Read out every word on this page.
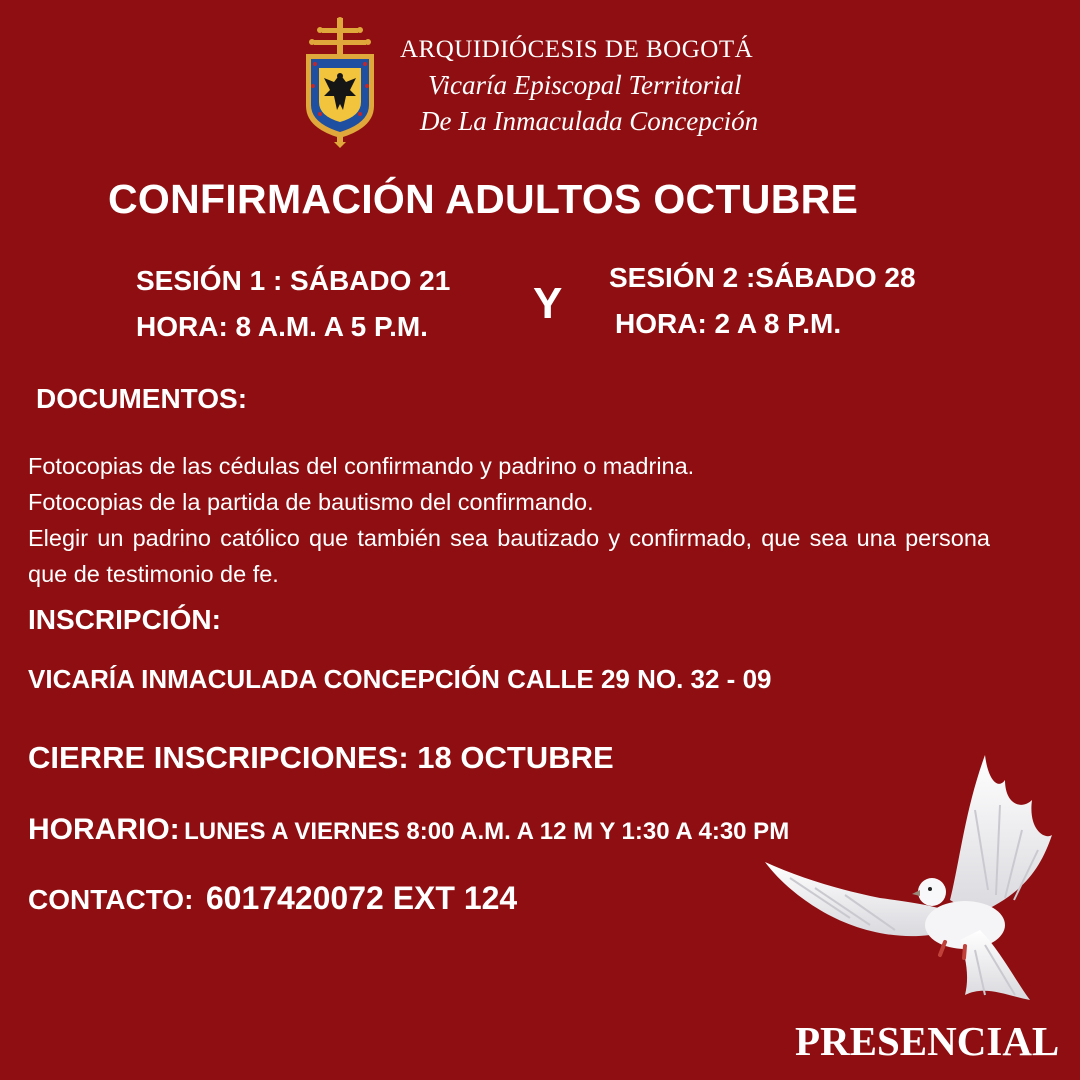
ARQUIDIÓCESIS DE BOGOTÁ
Vicaría Episcopal Territorial
De La Inmaculada Concepción
CONFIRMACIÓN ADULTOS OCTUBRE
SESIÓN 1 : SÁBADO 21
HORA: 8 A.M. A 5 P.M. Y
SESIÓN 2 :SÁBADO 28
HORA: 2 A 8 P.M.
DOCUMENTOS:

Fotocopias de las cédulas del confirmando y padrino o madrina.

Fotocopias de la partida de bautismo del confirmando.

Elegir un padrino católico que también sea bautizado y confirmado, que sea una persona que de testimonio de fe.

INSCRIPCIÓN:
VICARÍA INMACULADA CONCEPCIÓN CALLE 29 NO. 32 - 09
CIERRE INSCRIPCIONES: 18 OCTUBRE
HORARIO: LUNES A VIERNES 8:00 A.M. A 12 M Y 1:30 A 4:30 PM
CONTACTO: 6017420072 EXT 124
PRESENCIAL
